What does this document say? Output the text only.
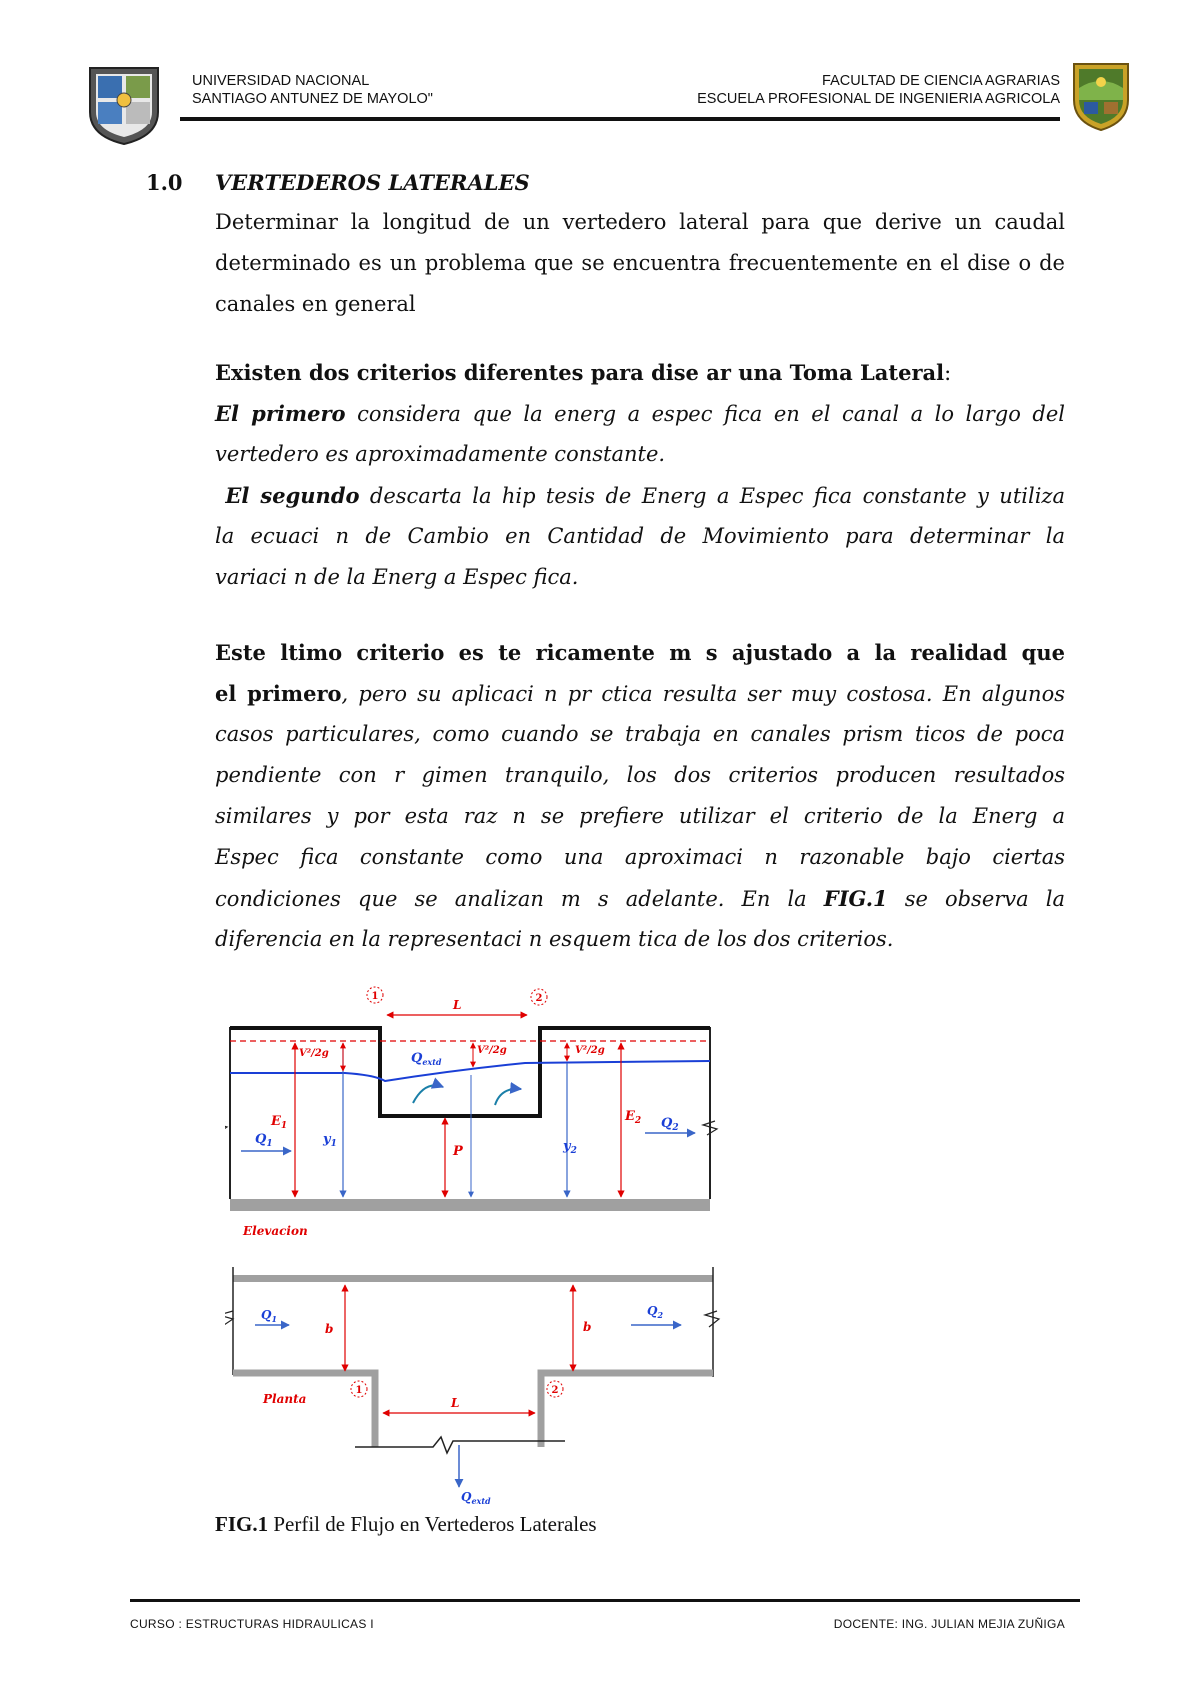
UNIVERSIDAD NACIONAL
SANTIAGO ANTUNEZ DE MAYOLO"
FACULTAD DE CIENCIA AGRARIAS
ESCUELA PROFESIONAL DE INGENIERIA AGRICOLA
1.0 VERTEDEROS LATERALES
Determinar la longitud de un vertedero lateral para que derive un caudal
determinado es un problema que se encuentra frecuentemente en el dise o de
canales en general
Existen dos criterios diferentes para dise ar una Toma Lateral:
El primero considera que la energ a espec fica en el canal a lo largo del
vertedero es aproximadamente constante.
El segundo descarta la hip tesis de Energ a Espec fica constante y utiliza
la ecuaci n de Cambio en Cantidad de Movimiento para determinar la
variaci n de la Energ a Espec fica.
Este ltimo criterio es te ricamente m s ajustado a la realidad que
el primero, pero su aplicaci n pr ctica resulta ser muy costosa. En algunos
casos particulares, como cuando se trabaja en canales prism ticos de poca
pendiente con r gimen tranquilo, los dos criterios producen resultados
similares y por esta raz n se prefiere utilizar el criterio de la Energ a
Espec fica constante como una aproximaci n razonable bajo ciertas
condiciones que se analizan m s adelante. En la FIG.1 se observa la
diferencia en la representaci n esquem tica de los dos criterios.
1	2
L
$E_1$
$y_1$
V²/2g	$Q_{extd}$
V²/2g
P	$y_2$
V²/2g
$E_2$
$Q_1$
$Q_2$
Elevacion
b	b
$Q_1$
$Q_2$
1	2
L
Planta
$Q_{extd}$
FIG.1 Perfil de Flujo en Vertederos Laterales
CURSO : ESTRUCTURAS HIDRAULICAS I	DOCENTE: ING. JULIAN MEJIA ZUÑIGA
